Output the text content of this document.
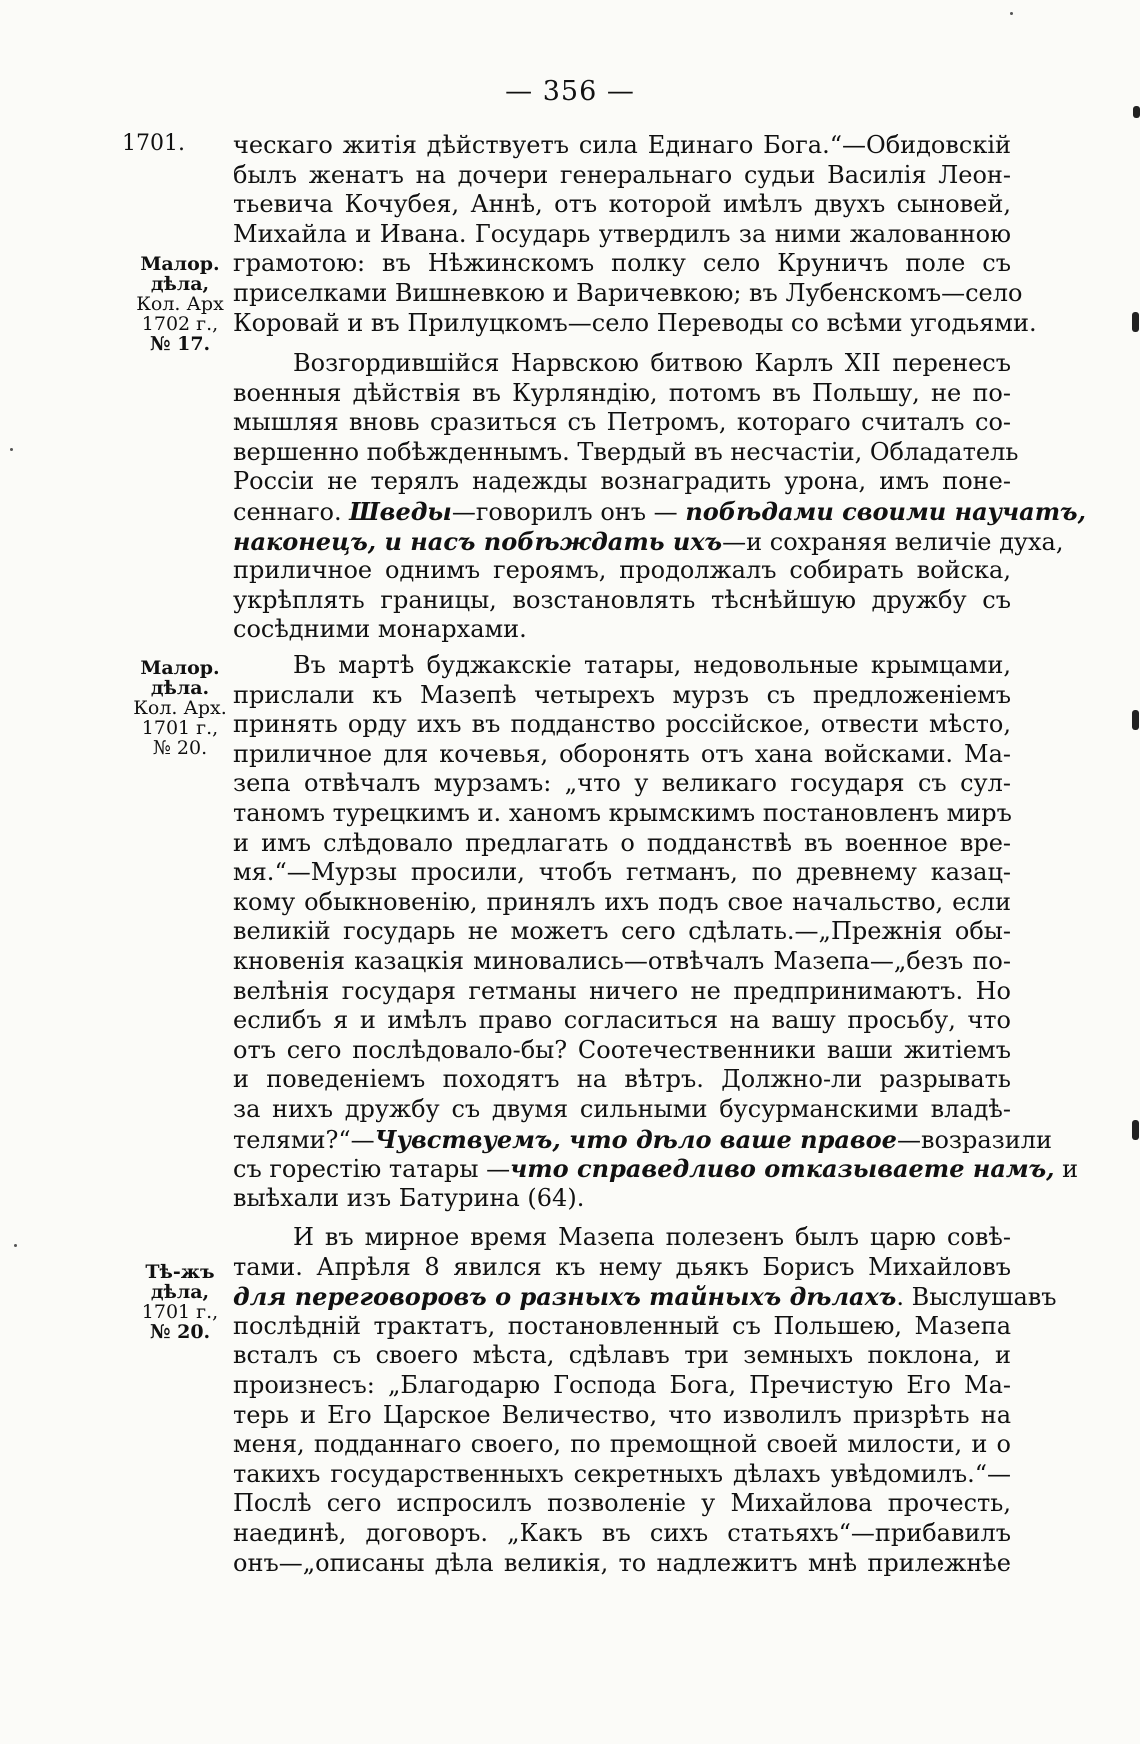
— 356 —
1701.
Малор.
дѣла,
Кол. Арх
1702 г.,
№ 17.
Малор.
дѣла.
Кол. Арх.
1701 г.,
№ 20.
Тѣ-жъ
дѣла,
1701 г.,
№ 20.
ческаго житія дѣйствуетъ сила Единаго Бога.“—Обидовскій
былъ женатъ на дочери генеральнаго судьи Василія Леон-
тьевича Кочубея, Аннѣ, отъ которой имѣлъ двухъ сыновей,
Михайла и Ивана. Государь утвердилъ за ними жалованною
грамотою: въ Нѣжинскомъ полку село Круничъ поле съ
приселками Вишневкою и Варичевкою; въ Лубенскомъ—село
Коровай и въ Прилуцкомъ—село Переводы со всѣми угодьями.
Возгордившійся Нарвскою битвою Карлъ XII перенесъ
военныя дѣйствія въ Курляндію, потомъ въ Польшу, не по-
мышляя вновь сразиться съ Петромъ, котораго считалъ со-
вершенно побѣжденнымъ. Твердый въ несчастіи, Обладатель
Россіи не терялъ надежды вознаградить урона, имъ понe-
сеннаго. Шведы—говорилъ онъ — побѣдами своими научатъ,
наконецъ, и насъ побѣждать ихъ—и сохраняя величіе духа,
приличное однимъ героямъ, продолжалъ собирать войска,
укрѣплять границы, возстановлять тѣснѣйшую дружбу съ
сосѣдними монархами.
Въ мартѣ буджакскіе татары, недовольные крымцами,
прислали къ Мазепѣ четырехъ мурзъ съ предложеніемъ
принять орду ихъ въ подданство россійское, отвести мѣсто,
приличное для кочевья, оборонять отъ хана войсками. Ма-
зепа отвѣчалъ мурзамъ: „что у великаго государя съ сул-
таномъ турецкимъ и. ханомъ крымскимъ постановленъ миръ
и имъ слѣдовало предлагать о подданствѣ въ военное вре-
мя.“—Мурзы просили, чтобъ гетманъ, по древнему казац-
кому обыкновенію, принялъ ихъ подъ свое начальство, если
великій государь не можетъ сего сдѣлать.—„Прежнія обы-
кновенія казацкія миновались—отвѣчалъ Мазепа—„безъ по-
велѣнія государя гетманы ничего не предпринимаютъ. Но
еслибъ я и имѣлъ право согласиться на вашу просьбу, что
отъ сего послѣдовало-бы? Соотечественники ваши житіемъ
и поведеніемъ походятъ на вѣтръ. Должно-ли разрывать
за нихъ дружбу съ двумя сильными бусурманскими владѣ-
телями?“—Чувствуемъ, что дѣло ваше правое—возразили
съ горестію татары —что справедливо отказываете намъ, и
выѣхали изъ Батурина (64).
И въ мирное время Мазепа полезенъ былъ царю совѣ-
тами. Апрѣля 8 явился къ нему дьякъ Борисъ Михайловъ
для переговоровъ о разныхъ тайныхъ дѣлахъ. Выслушавъ
послѣдній трактатъ, постановленный съ Польшею, Мазепа
всталъ съ своего мѣста, сдѣлавъ три земныхъ поклона, и
произнесъ: „Благодарю Господа Бога, Пречистую Его Ма-
терь и Его Царское Величество, что изволилъ призрѣть на
меня, подданнаго своего, по премощной своей милости, и о
такихъ государственныхъ секретныхъ дѣлахъ увѣдомилъ.“—
Послѣ сего испросилъ позволеніе у Михайлова прочесть,
наединѣ, договоръ. „Какъ въ сихъ статьяхъ“—прибавилъ
онъ—„описаны дѣла великія, то надлежитъ мнѣ прилежнѣе
